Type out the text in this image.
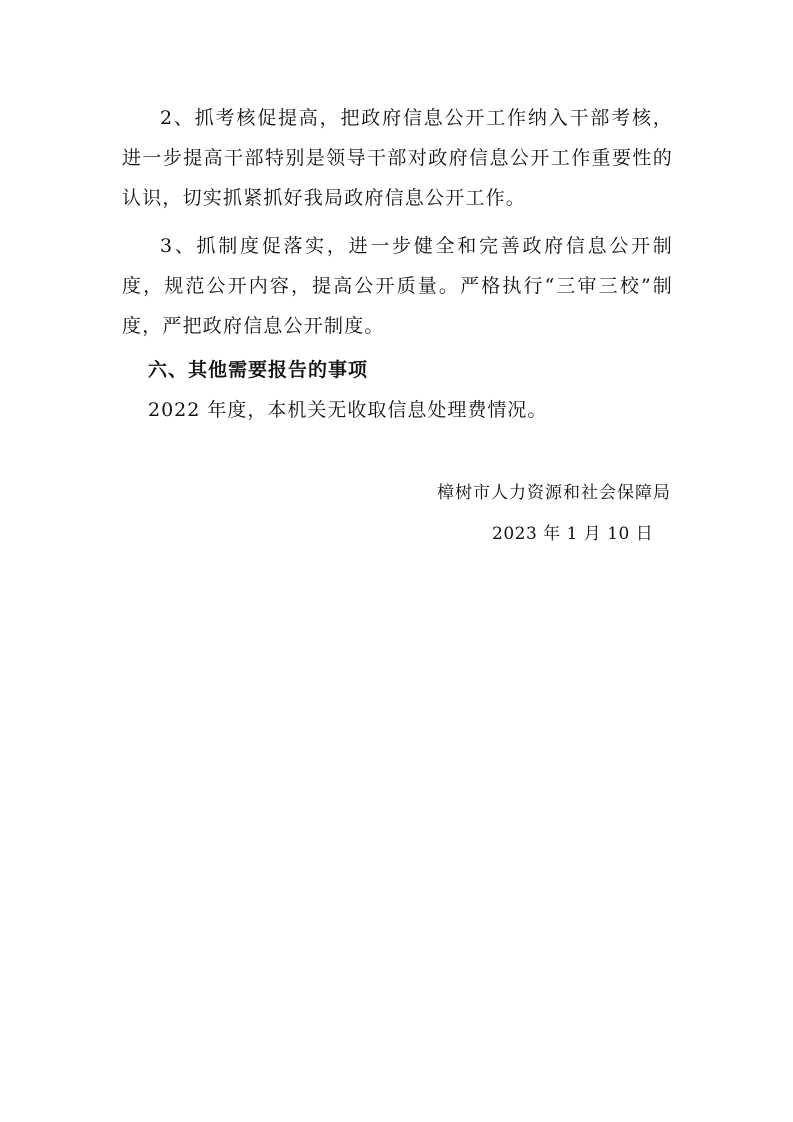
2、抓考核促提高，把政府信息公开工作纳入干部考核，进一步提高干部特别是领导干部对政府信息公开工作重要性的认识，切实抓紧抓好我局政府信息公开工作。

3、抓制度促落实，进一步健全和完善政府信息公开制度，规范公开内容，提高公开质量。严格执行“三审三校”制度，严把政府信息公开制度。

六、其他需要报告的事项

2022 年度，本机关无收取信息处理费情况。

樟树市人力资源和社会保障局

2023 年 1 月 10 日
